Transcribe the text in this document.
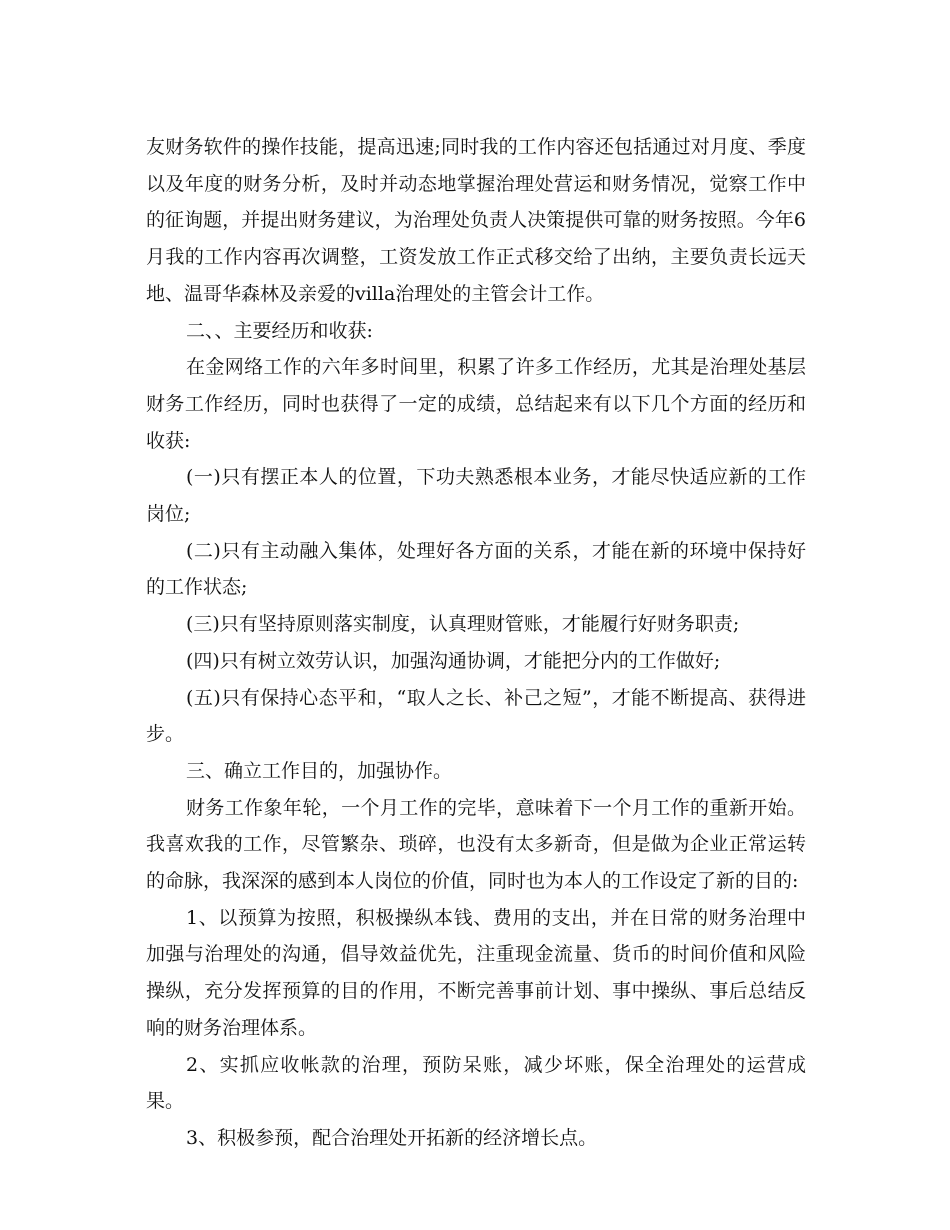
友财务软件的操作技能，提高迅速;同时我的工作内容还包括通过对月度、季度以及年度的财务分析，及时并动态地掌握治理处营运和财务情况，觉察工作中的征询题，并提出财务建议，为治理处负责人决策提供可靠的财务按照。今年6月我的工作内容再次调整，工资发放工作正式移交给了出纳，主要负责长远天地、温哥华森林及亲爱的villa治理处的主管会计工作。

二、、主要经历和收获:

在金网络工作的六年多时间里，积累了许多工作经历，尤其是治理处基层财务工作经历，同时也获得了一定的成绩，总结起来有以下几个方面的经历和收获:

(一)只有摆正本人的位置，下功夫熟悉根本业务，才能尽快适应新的工作岗位;

(二)只有主动融入集体，处理好各方面的关系，才能在新的环境中保持好的工作状态;

(三)只有坚持原则落实制度，认真理财管账，才能履行好财务职责;

(四)只有树立效劳认识，加强沟通协调，才能把分内的工作做好;

(五)只有保持心态平和，“取人之长、补己之短”，才能不断提高、获得进步。

三、确立工作目的，加强协作。

财务工作象年轮，一个月工作的完毕，意味着下一个月工作的重新开始。我喜欢我的工作，尽管繁杂、琐碎，也没有太多新奇，但是做为企业正常运转的命脉，我深深的感到本人岗位的价值，同时也为本人的工作设定了新的目的:

1、以预算为按照，积极操纵本钱、费用的支出，并在日常的财务治理中加强与治理处的沟通，倡导效益优先，注重现金流量、货币的时间价值和风险操纵，充分发挥预算的目的作用，不断完善事前计划、事中操纵、事后总结反响的财务治理体系。

2、实抓应收帐款的治理，预防呆账，减少坏账，保全治理处的运营成果。

3、积极参预，配合治理处开拓新的经济增长点。
